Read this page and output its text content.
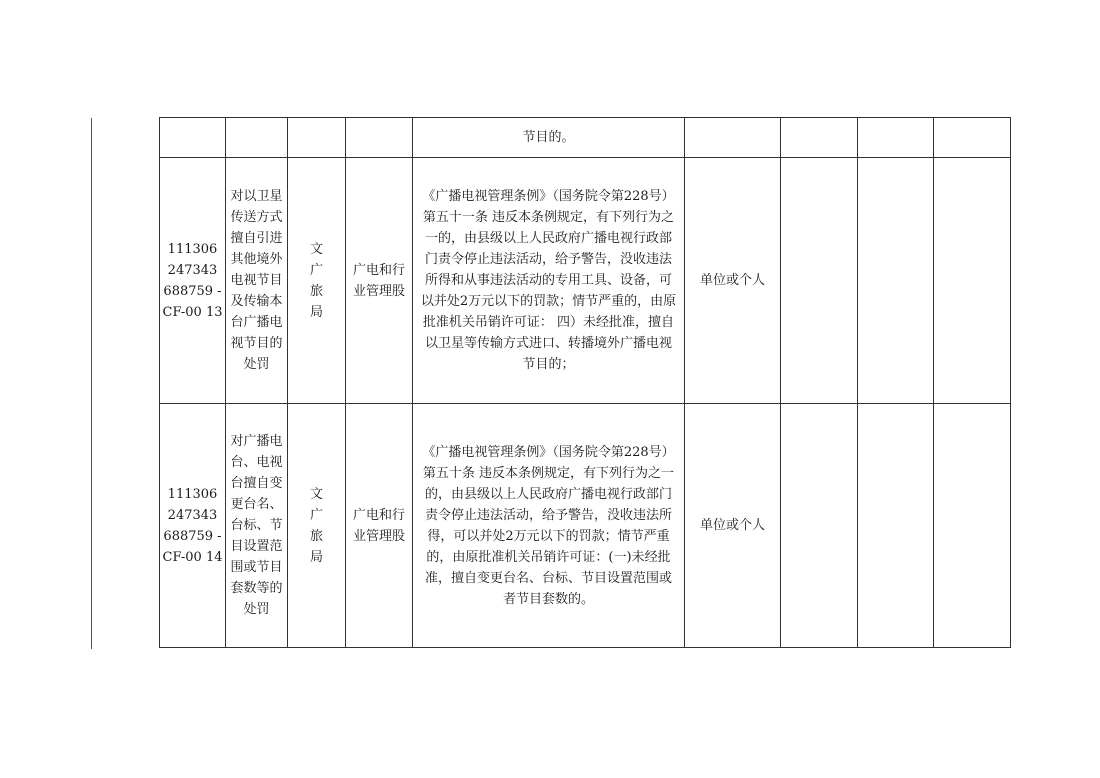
				节目的。				
111306 247343 688759 -CF-00 13	对以卫星传送方式擅自引进其他境外电视节目及传输本台广播电视节目的处罚	文广旅局	广电和行业管理股	《广播电视管理条例》（国务院令第228号） 第五十一条 违反本条例规定，有下列行为之一的，由县级以上人民政府广播电视行政部门责令停止违法活动，给予警告，没收违法所得和从事违法活动的专用工具、设备，可以并处2万元以下的罚款；情节严重的，由原批准机关吊销许可证： 四）未经批准，擅自以卫星等传输方式进口、转播境外广播电视节目的；	单位或个人			
111306 247343 688759 -CF-00 14	对广播电台、电视台擅自变更台名、台标、节目设置范围或节目套数等的处罚	文广旅局	广电和行业管理股	《广播电视管理条例》（国务院令第228号）第五十条 违反本条例规定，有下列行为之一的，由县级以上人民政府广播电视行政部门责令停止违法活动，给予警告，没收违法所得，可以并处2万元以下的罚款；情节严重的，由原批准机关吊销许可证：(一)未经批准，擅自变更台名、台标、节目设置范围或者节目套数的。	单位或个人			
